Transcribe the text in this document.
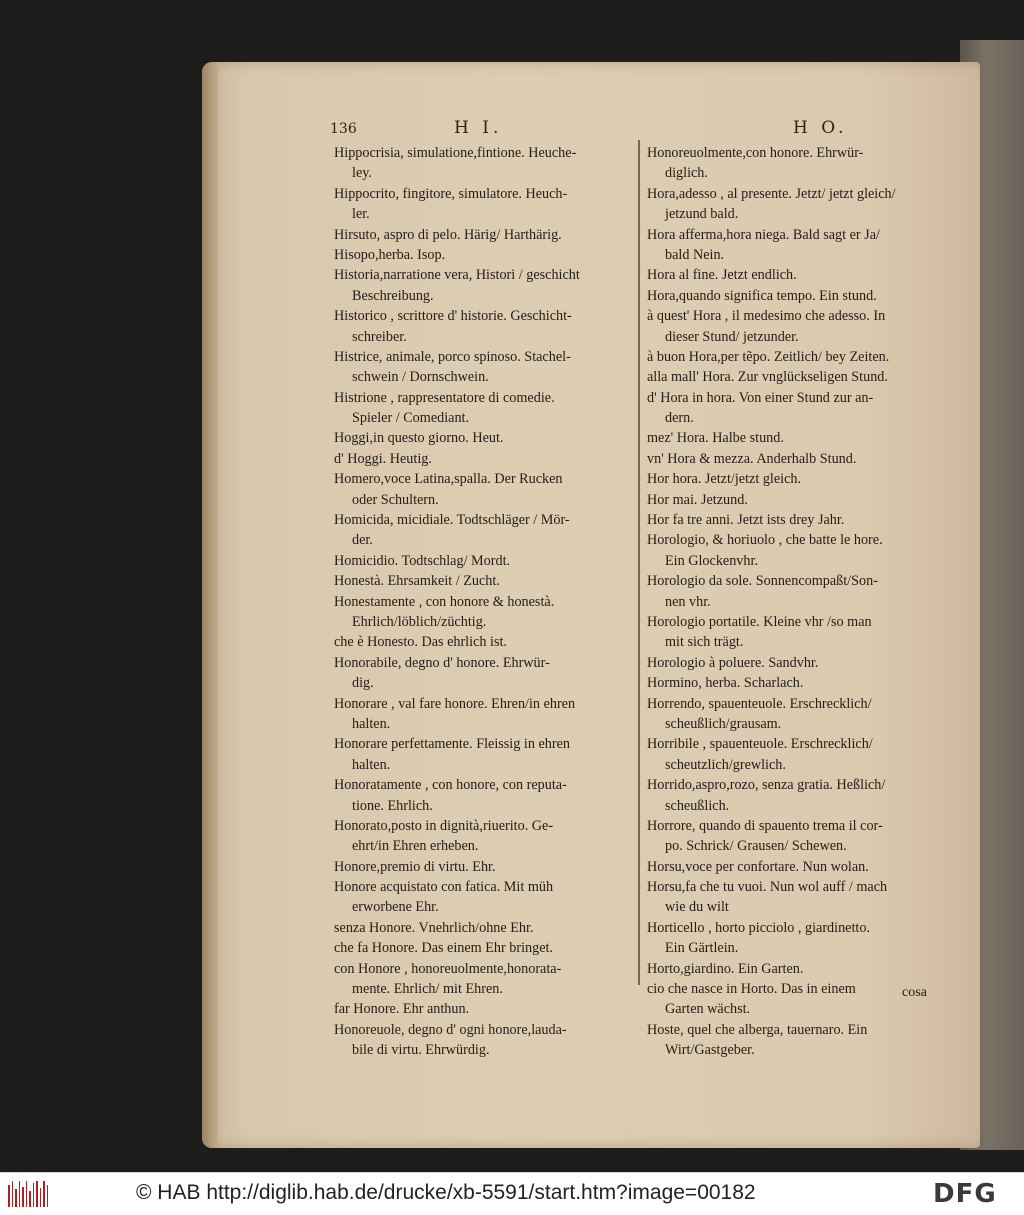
136	H I.	H O.
Hippocrisia, simulatione,fintione. Heuche-
ley.
Hippocrito, fingitore, simulatore. Heuch-
ler.
Hirsuto, aspro di pelo. Härig/ Harthärig.
Hisopo,herba. Isop.
Historia,narratione vera, Histori / geschicht
Beschreibung.
Historico , scrittore d' historie. Geschicht-
schreiber.
Histrice, animale, porco spinoso. Stachel-
schwein / Dornschwein.
Histrione , rappresentatore di comedie.
Spieler / Comediant.
Hoggi,in questo giorno. Heut.
d' Hoggi. Heutig.
Homero,voce Latina,spalla. Der Rucken
oder Schultern.
Homicida, micidiale. Todtschläger / Mör-
der.
Homicidio. Todtschlag/ Mordt.
Honestà. Ehrsamkeit / Zucht.
Honestamente , con honore & honestà.
Ehrlich/löblich/züchtig.
che è Honesto. Das ehrlich ist.
Honorabile, degno d' honore. Ehrwür-
dig.
Honorare , val fare honore. Ehren/in ehren
halten.
Honorare perfettamente. Fleissig in ehren
halten.
Honoratamente , con honore, con reputa-
tione. Ehrlich.
Honorato,posto in dignità,riuerito. Ge-
ehrt/in Ehren erheben.
Honore,premio di virtu. Ehr.
Honore acquistato con fatica. Mit müh
erworbene Ehr.
senza Honore. Vnehrlich/ohne Ehr.
che fa Honore. Das einem Ehr bringet.
con Honore , honoreuolmente,honorata-
mente. Ehrlich/ mit Ehren.
far Honore. Ehr anthun.
Honoreuole, degno d' ogni honore,lauda-
bile di virtu. Ehrwürdig.
Honoreuolmente,con honore. Ehrwür-
diglich.
Hora,adesso , al presente. Jetzt/ jetzt gleich/
jetzund bald.
Hora afferma,hora niega. Bald sagt er Ja/
bald Nein.
Hora al fine. Jetzt endlich.
Hora,quando significa tempo. Ein stund.
à quest' Hora , il medesimo che adesso. In
dieser Stund/ jetzunder.
à buon Hora,per tẽpo. Zeitlich/ bey Zeiten.
alla mall' Hora. Zur vnglückseligen Stund.
d' Hora in hora. Von einer Stund zur an-
dern.
mez' Hora. Halbe stund.
vn' Hora & mezza. Anderhalb Stund.
Hor hora. Jetzt/jetzt gleich.
Hor mai. Jetzund.
Hor fa tre anni. Jetzt ists drey Jahr.
Horologio, & horiuolo , che batte le hore.
Ein Glockenvhr.
Horologio da sole. Sonnencompaßt/Son-
nen vhr.
Horologio portatile. Kleine vhr /so man
mit sich trägt.
Horologio à poluere. Sandvhr.
Hormino, herba. Scharlach.
Horrendo, spauenteuole. Erschrecklich/
scheußlich/grausam.
Horribile , spauenteuole. Erschrecklich/
scheutzlich/grewlich.
Horrido,aspro,rozo, senza gratia. Heßlich/
scheußlich.
Horrore, quando di spauento trema il cor-
po. Schrick/ Grausen/ Schewen.
Horsu,voce per confortare. Nun wolan.
Horsu,fa che tu vuoi. Nun wol auff / mach
wie du wilt
Horticello , horto picciolo , giardinetto.
Ein Gärtlein.
Horto,giardino. Ein Garten.
cio che nasce in Horto. Das in einem
Garten wächst.
Hoste, quel che alberga, tauernaro. Ein
Wirt/Gastgeber.
cosa
© HAB http://diglib.hab.de/drucke/xb-5591/start.htm?image=00182	DFG
